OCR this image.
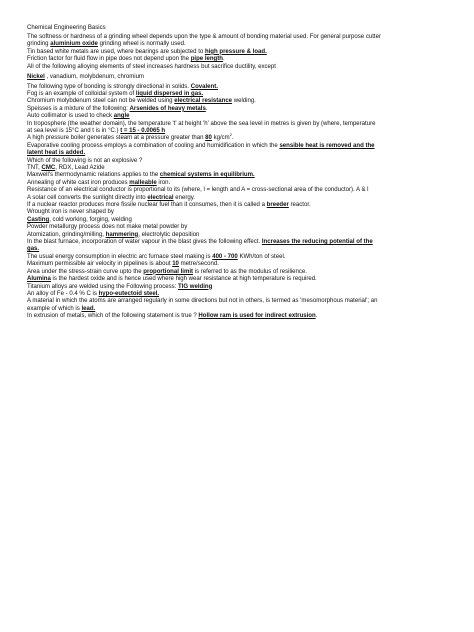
Chemical Engineering Basics
The softness or hardness of a grinding wheel depends upon the type & amount of bonding material used. For general purpose cutter
grinding aluminium oxide grinding wheel is normally used.
Tin based white metals are used, where bearings are subjected to high pressure & load.
Friction factor for fluid flow in pipe does not depend upon the pipe length.
All of the following alloying elements of steel increases hardness but sacrifice ductility, except
Nickel , vanadium, molybdenum, chromium
The following type of bonding is strongly directional in solids. Covalent.
Fog is an example of colloidal system of liquid dispersed in gas.
Chromium molybdenum steel can not be welded using electrical resistance welding.
Speisses is a mixture of the following: Arsenides of heavy metals.
Auto collimator is used to check angle
In troposphere (the weather domain), the temperature 't' at height 'h' above the sea level in metres is given by (where, temperature
at sea level is 15°C and t is in °C.) t = 15 - 0.0065 h
A high pressure boiler generates steam at a pressure greater than 80 $kg/cm^2$.
Evaporative cooling process employs a combination of cooling and humidification in which the sensible heat is removed and the
latent heat is added.
Which of the following is not an explosive ?
TNT, CMC, RDX, Lead Azide
Maxwell's thermodynamic relations applies to the chemical systems in equilibrium.
Annealing of white cast iron produces malleable iron.
Resistance of an electrical conductor is proportional to its (where, l = length and A = cross-sectional area of the conductor). A & l
A solar cell converts the sunlight directly into electrical energy.
If a nuclear reactor produces more fissile nuclear fuel than it consumes, then it is called a breeder reactor.
Wrought iron is never shaped by
Casting, cold working, forging, welding
Powder metallurgy process does not make metal powder by
Atomization, grinding/milling, hammering, electrolytic deposition
In the blast furnace, incorporation of water vapour in the blast gives the following effect. Increases the reducing potential of the
gas.
The usual energy consumption in electric arc furnace steel making is 400 - 700 KWh/ton of steel.
Maximum permissible air velocity in pipelines is about 10 metre/second.
Area under the stress-strain curve upto the proportional limit is referred to as the modulus of resilience.
Alumina is the hardest oxide and is hence used where high wear resistance at high temperature is required.
Titanium alloys are welded using the Following process: TIG welding
An alloy of Fe - 0.4 % C is hypo-eutectoid steel.
A material in which the atoms are arranged regularly in some directions but not in others, is termed as 'mesomorphous material'; an
example of which is lead.
In extrusion of metals, which of the following statement is true ? Hollow ram is used for indirect extrusion.
